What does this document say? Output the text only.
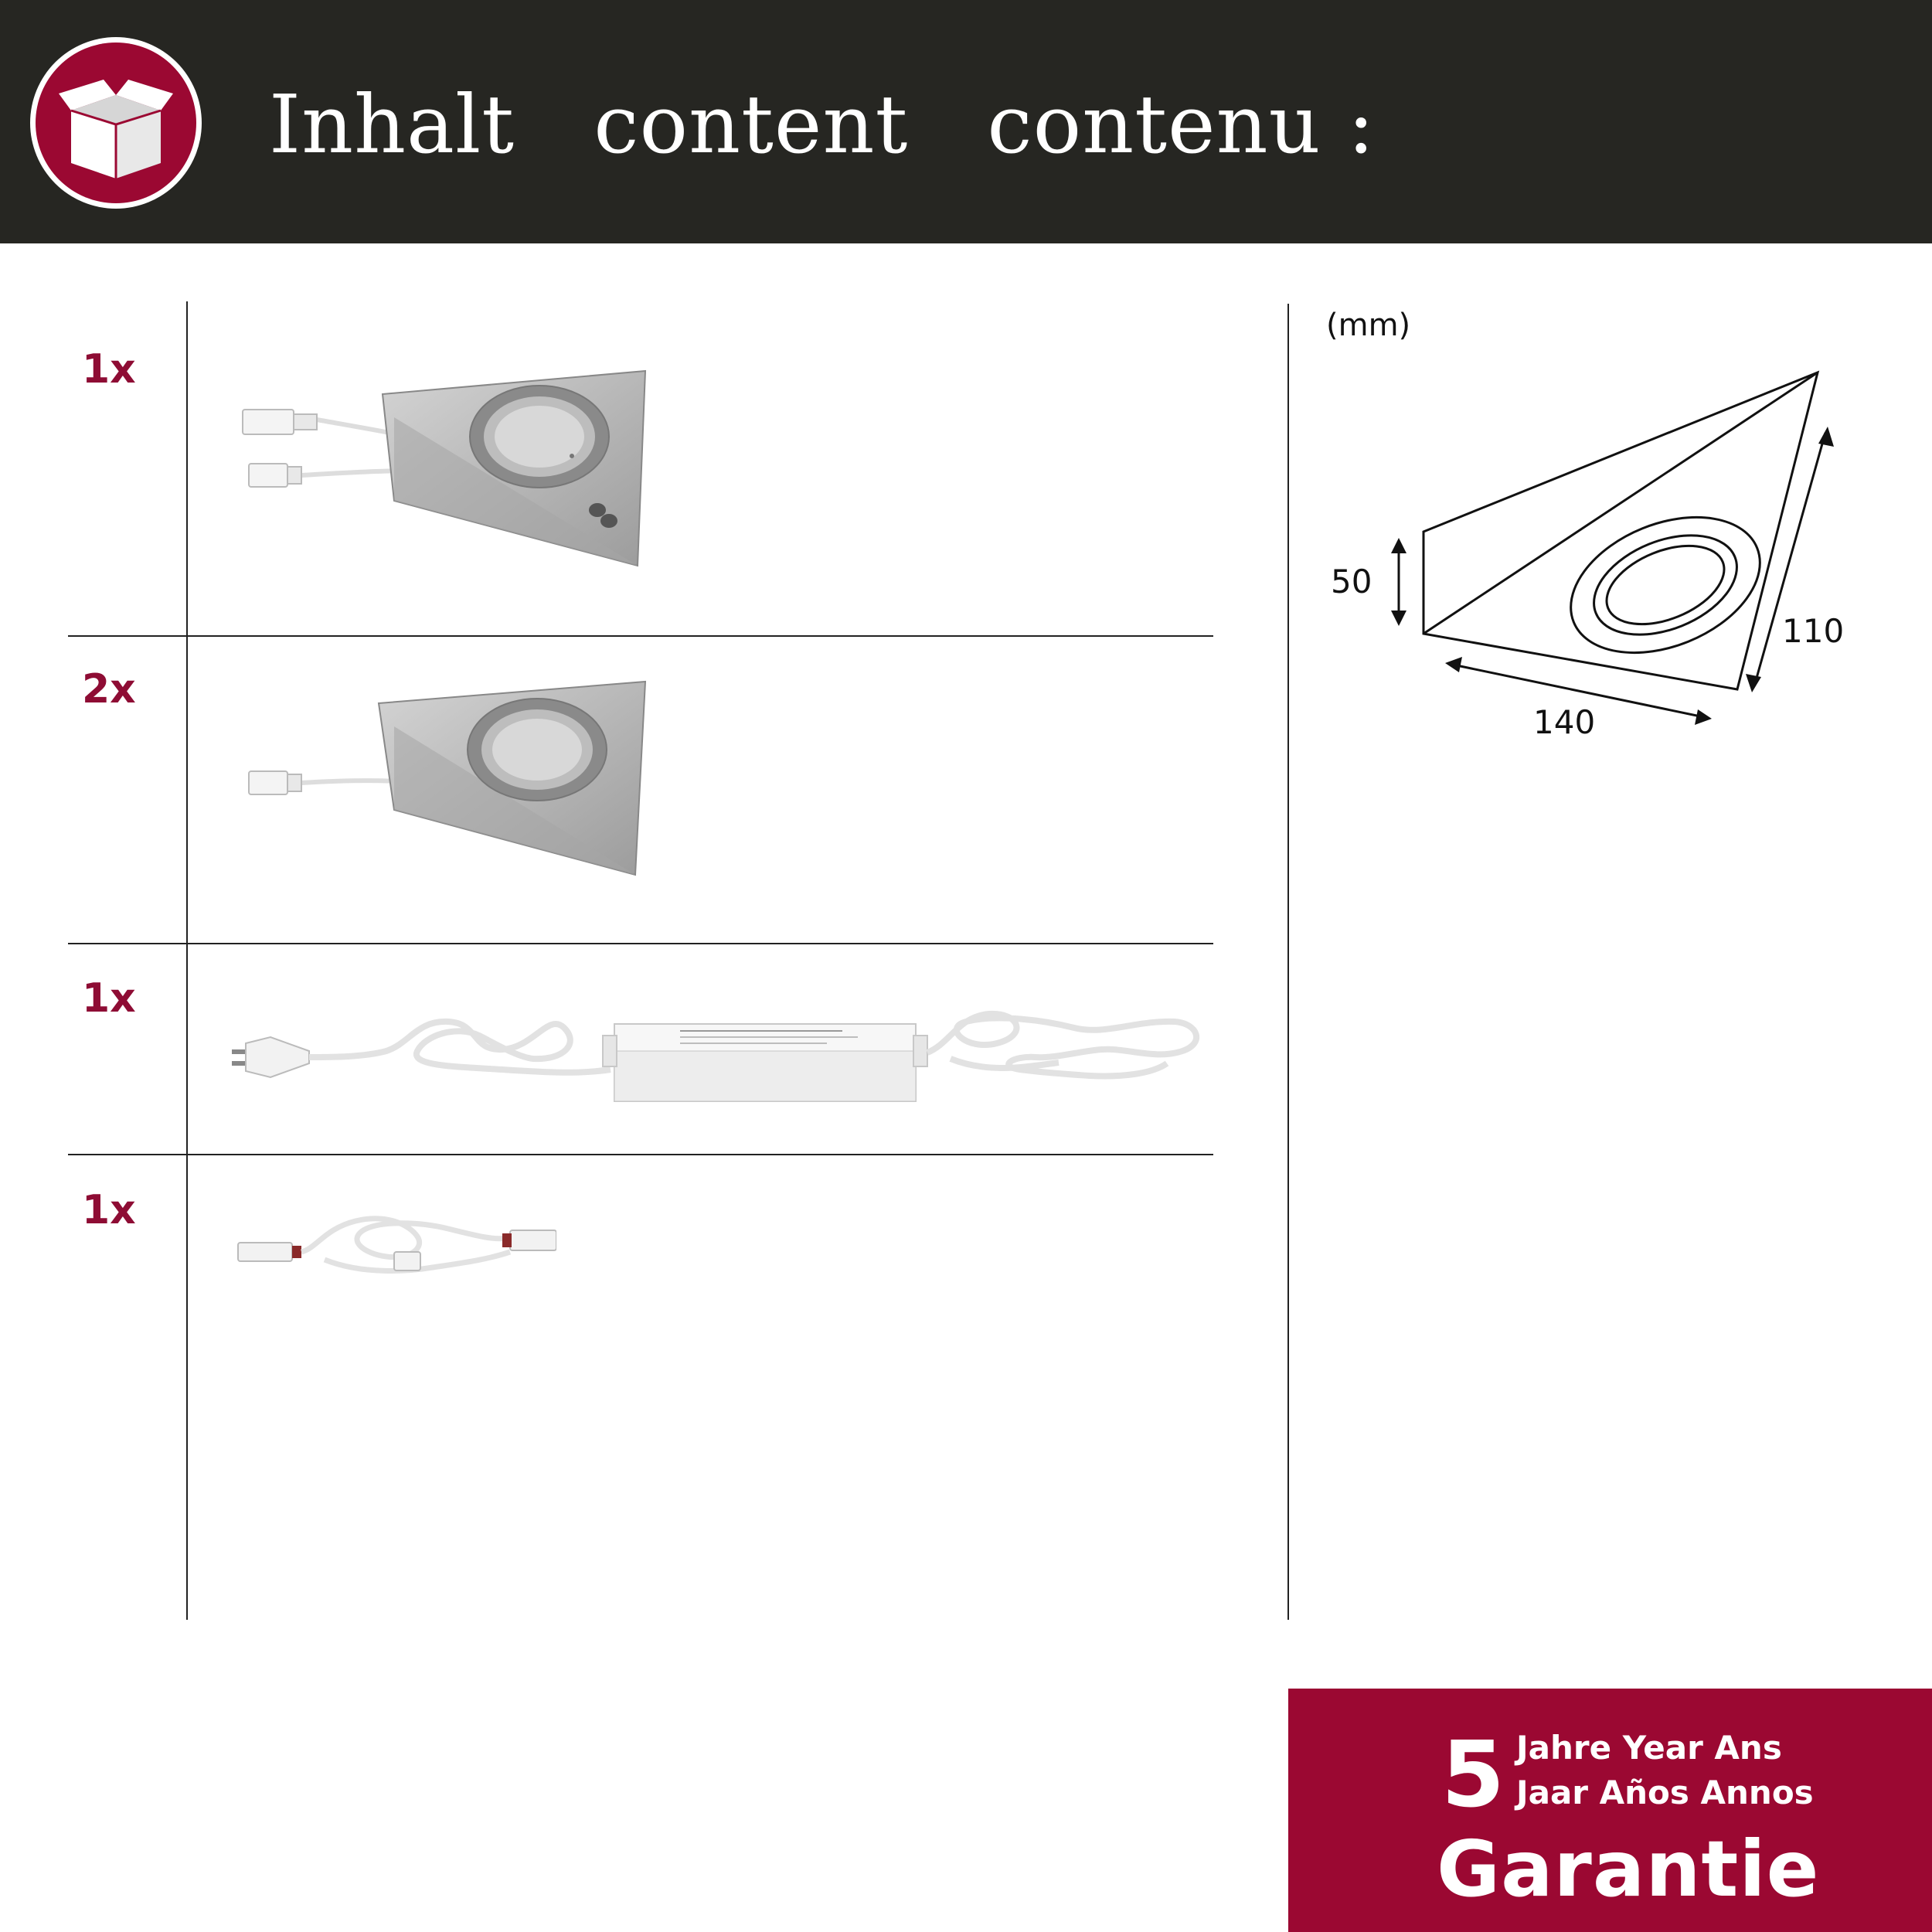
Inhalt   content   contenu :
1x
2x
1x
1x
(mm)
50
110
140
5 Jahre Year Ans
Jaar Años Annos
Garantie
